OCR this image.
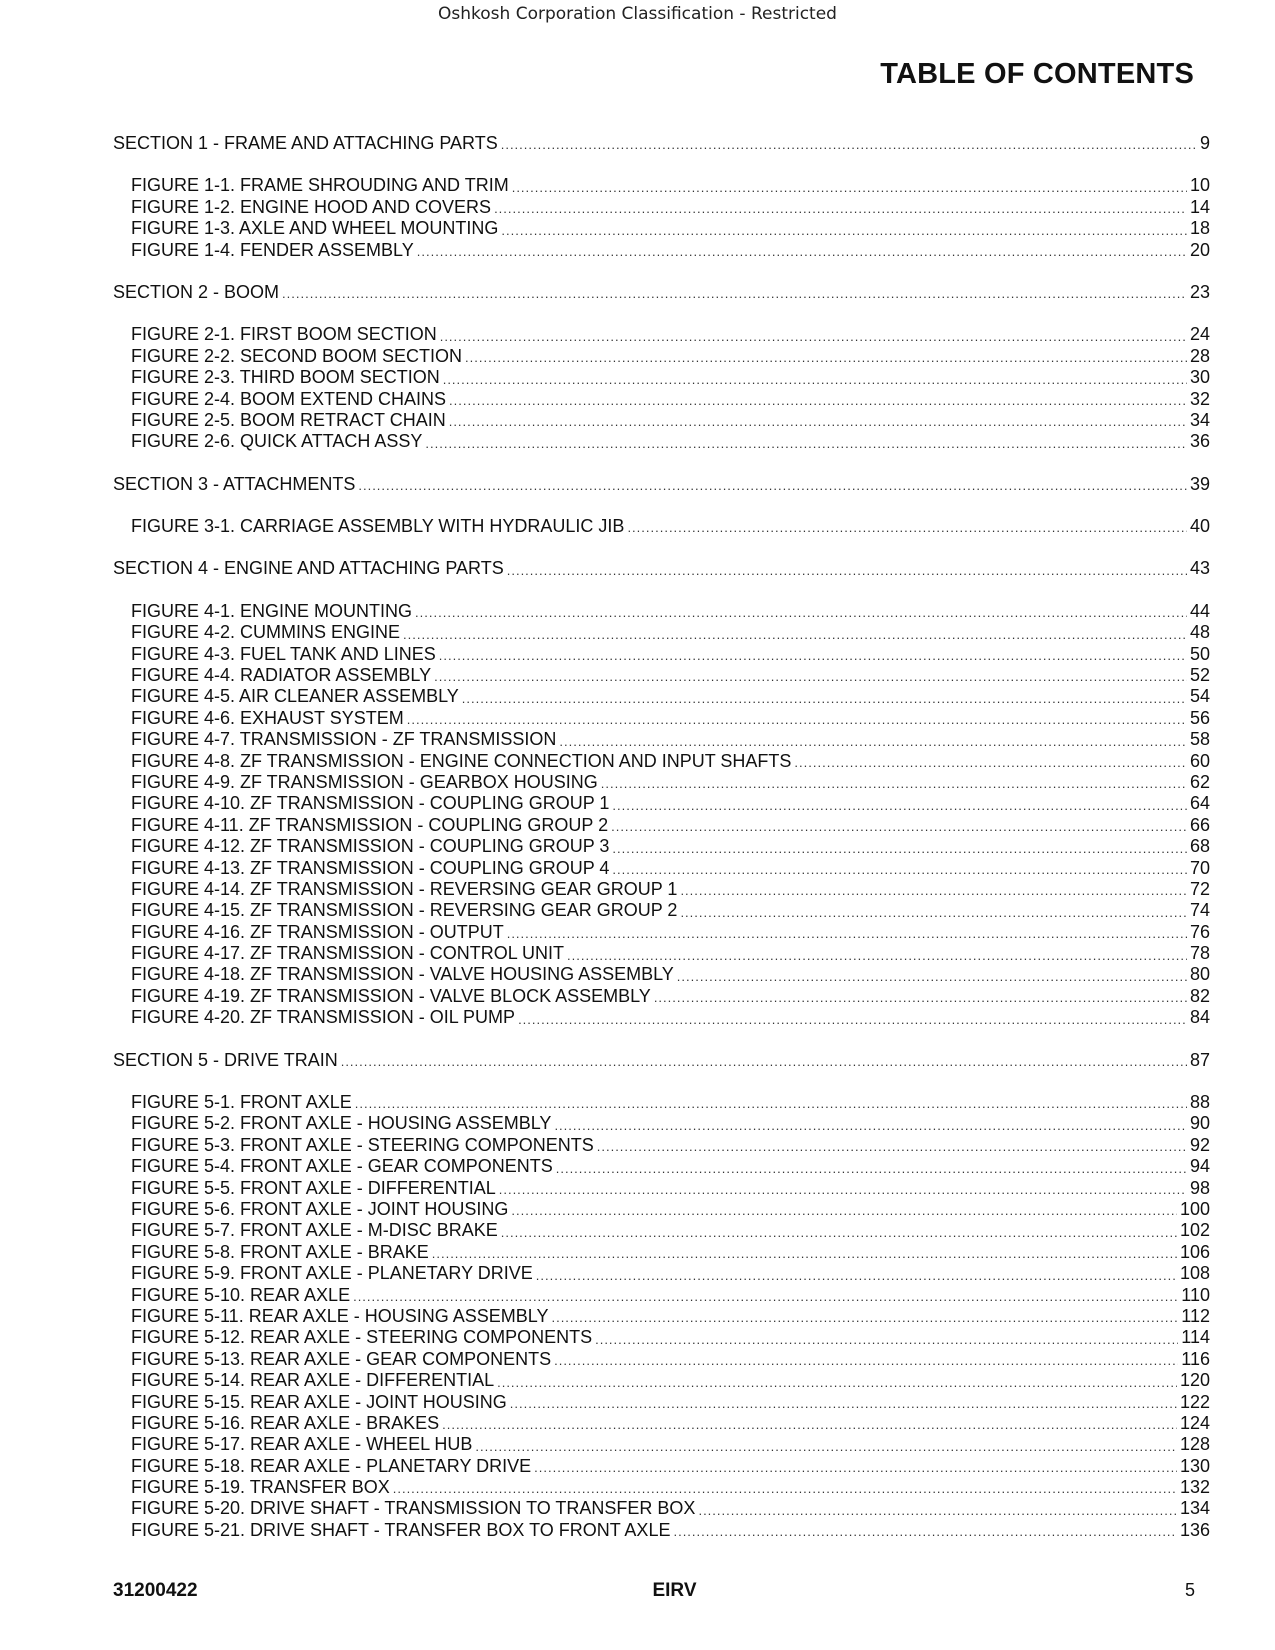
Oshkosh Corporation Classification - Restricted
TABLE OF CONTENTS
SECTION 1 - FRAME AND ATTACHING PARTS .....	9
FIGURE 1-1. FRAME SHROUDING AND TRIM .....	10
FIGURE 1-2. ENGINE HOOD AND COVERS .....	14
FIGURE 1-3. AXLE AND WHEEL MOUNTING .....	18
FIGURE 1-4. FENDER ASSEMBLY .....	20
SECTION 2 - BOOM .....	23
FIGURE 2-1. FIRST BOOM SECTION .....	24
FIGURE 2-2. SECOND BOOM SECTION .....	28
FIGURE 2-3. THIRD BOOM SECTION .....	30
FIGURE 2-4. BOOM EXTEND CHAINS .....	32
FIGURE 2-5. BOOM RETRACT CHAIN .....	34
FIGURE 2-6. QUICK ATTACH ASSY .....	36
SECTION 3 - ATTACHMENTS .....	39
FIGURE 3-1. CARRIAGE ASSEMBLY WITH HYDRAULIC JIB .....	40
SECTION 4 - ENGINE AND ATTACHING PARTS .....	43
FIGURE 4-1. ENGINE MOUNTING .....	44
FIGURE 4-2. CUMMINS ENGINE .....	48
FIGURE 4-3. FUEL TANK AND LINES .....	50
FIGURE 4-4. RADIATOR ASSEMBLY .....	52
FIGURE 4-5. AIR CLEANER ASSEMBLY .....	54
FIGURE 4-6. EXHAUST SYSTEM .....	56
FIGURE 4-7. TRANSMISSION - ZF TRANSMISSION .....	58
FIGURE 4-8. ZF TRANSMISSION - ENGINE CONNECTION AND INPUT SHAFTS .....	60
FIGURE 4-9. ZF TRANSMISSION - GEARBOX HOUSING .....	62
FIGURE 4-10. ZF TRANSMISSION - COUPLING GROUP 1 .....	64
FIGURE 4-11. ZF TRANSMISSION - COUPLING GROUP 2 .....	66
FIGURE 4-12. ZF TRANSMISSION - COUPLING GROUP 3 .....	68
FIGURE 4-13. ZF TRANSMISSION - COUPLING GROUP 4 .....	70
FIGURE 4-14. ZF TRANSMISSION - REVERSING GEAR GROUP 1 .....	72
FIGURE 4-15. ZF TRANSMISSION - REVERSING GEAR GROUP 2 .....	74
FIGURE 4-16. ZF TRANSMISSION - OUTPUT .....	76
FIGURE 4-17. ZF TRANSMISSION - CONTROL UNIT .....	78
FIGURE 4-18. ZF TRANSMISSION - VALVE HOUSING ASSEMBLY .....	80
FIGURE 4-19. ZF TRANSMISSION - VALVE BLOCK ASSEMBLY .....	82
FIGURE 4-20. ZF TRANSMISSION - OIL PUMP .....	84
SECTION 5 - DRIVE TRAIN .....	87
FIGURE 5-1. FRONT AXLE .....	88
FIGURE 5-2. FRONT AXLE - HOUSING ASSEMBLY .....	90
FIGURE 5-3. FRONT AXLE - STEERING COMPONENTS .....	92
FIGURE 5-4. FRONT AXLE - GEAR COMPONENTS .....	94
FIGURE 5-5. FRONT AXLE - DIFFERENTIAL .....	98
FIGURE 5-6. FRONT AXLE - JOINT HOUSING .....	100
FIGURE 5-7. FRONT AXLE - M-DISC BRAKE .....	102
FIGURE 5-8. FRONT AXLE - BRAKE .....	106
FIGURE 5-9. FRONT AXLE - PLANETARY DRIVE .....	108
FIGURE 5-10. REAR AXLE .....	110
FIGURE 5-11. REAR AXLE - HOUSING ASSEMBLY .....	112
FIGURE 5-12. REAR AXLE - STEERING COMPONENTS .....	114
FIGURE 5-13. REAR AXLE - GEAR COMPONENTS .....	116
FIGURE 5-14. REAR AXLE - DIFFERENTIAL .....	120
FIGURE 5-15. REAR AXLE - JOINT HOUSING .....	122
FIGURE 5-16. REAR AXLE - BRAKES .....	124
FIGURE 5-17. REAR AXLE - WHEEL HUB .....	128
FIGURE 5-18. REAR AXLE - PLANETARY DRIVE .....	130
FIGURE 5-19. TRANSFER BOX .....	132
FIGURE 5-20. DRIVE SHAFT - TRANSMISSION TO TRANSFER BOX .....	134
FIGURE 5-21. DRIVE SHAFT - TRANSFER BOX TO FRONT AXLE .....	136
31200422	EIRV	5
